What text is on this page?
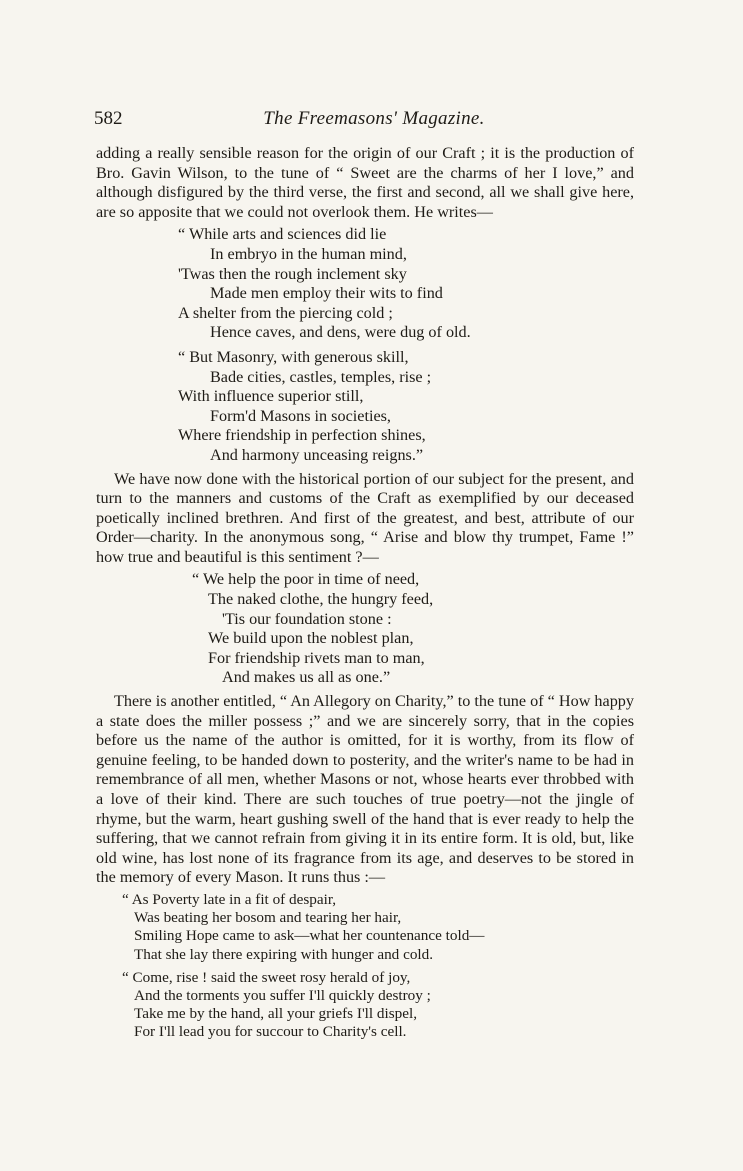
582	The Freemasons' Magazine.

adding a really sensible reason for the origin of our Craft ; it is the production of Bro. Gavin Wilson, to the tune of “ Sweet are the charms of her I love,” and although disfigured by the third verse, the first and second, all we shall give here, are so apposite that we could not overlook them. He writes—

“ While arts and sciences did lie
In embryo in the human mind,
'Twas then the rough inclement sky
Made men employ their wits to find
A shelter from the piercing cold ;
Hence caves, and dens, were dug of old.
“ But Masonry, with generous skill,
Bade cities, castles, temples, rise ;
With influence superior still,
Form'd Masons in societies,
Where friendship in perfection shines,
And harmony unceasing reigns.”

We have now done with the historical portion of our subject for the present, and turn to the manners and customs of the Craft as exemplified by our deceased poetically inclined brethren. And first of the greatest, and best, attribute of our Order—charity. In the anonymous song, “ Arise and blow thy trumpet, Fame !” how true and beautiful is this sentiment ?—

“ We help the poor in time of need,
The naked clothe, the hungry feed,
'Tis our foundation stone :
We build upon the noblest plan,
For friendship rivets man to man,
And makes us all as one.”

There is another entitled, “ An Allegory on Charity,” to the tune of “ How happy a state does the miller possess ;” and we are sincerely sorry, that in the copies before us the name of the author is omitted, for it is worthy, from its flow of genuine feeling, to be handed down to posterity, and the writer's name to be had in remembrance of all men, whether Masons or not, whose hearts ever throbbed with a love of their kind. There are such touches of true poetry—not the jingle of rhyme, but the warm, heart gushing swell of the hand that is ever ready to help the suffering, that we cannot refrain from giving it in its entire form. It is old, but, like old wine, has lost none of its fragrance from its age, and deserves to be stored in the memory of every Mason. It runs thus :—

“ As Poverty late in a fit of despair,
Was beating her bosom and tearing her hair,
Smiling Hope came to ask—what her countenance told—
That she lay there expiring with hunger and cold.
“ Come, rise ! said the sweet rosy herald of joy,
And the torments you suffer I'll quickly destroy ;
Take me by the hand, all your griefs I'll dispel,
For I'll lead you for succour to Charity's cell.
